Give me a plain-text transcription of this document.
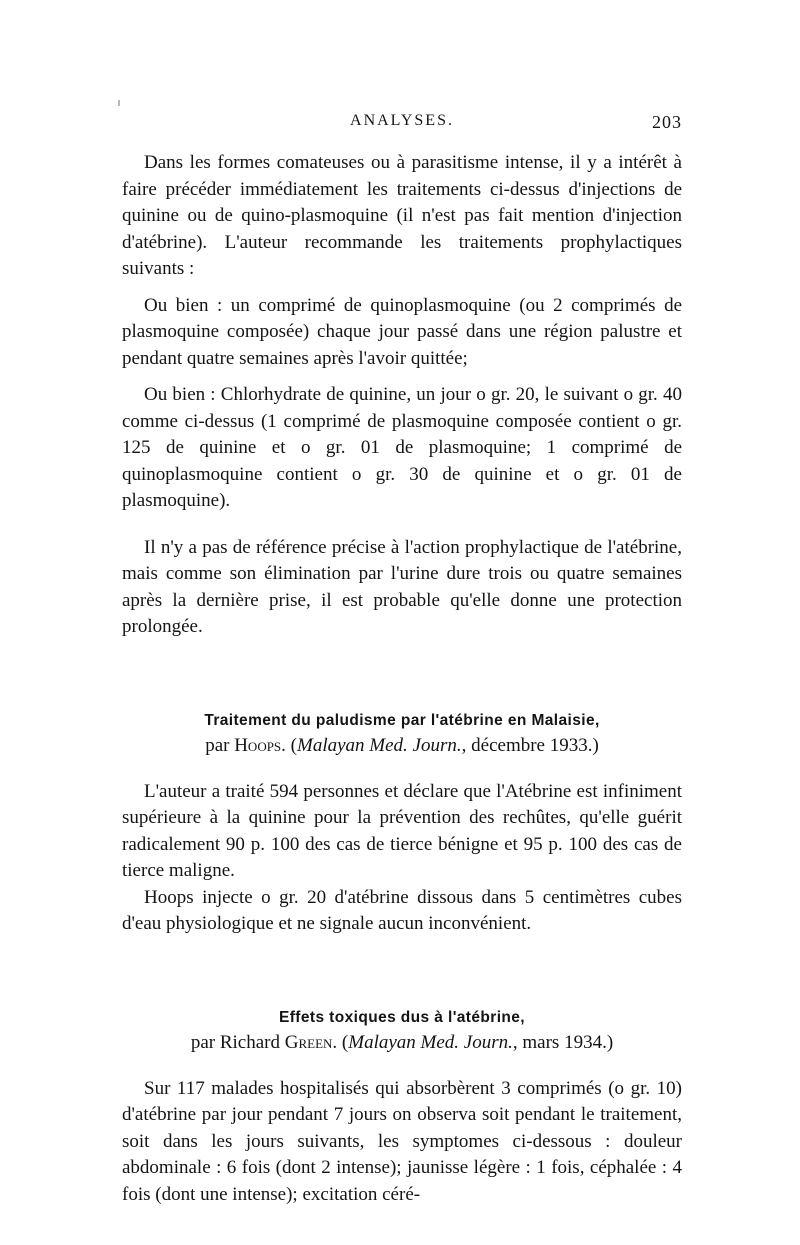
ANALYSES.	203

Dans les formes comateuses ou à parasitisme intense, il y a intérêt à faire précéder immédiatement les traitements ci-dessus d'injections de quinine ou de quino-plasmoquine (il n'est pas fait mention d'injection d'atébrine). L'auteur recommande les traitements prophylactiques suivants :

Ou bien : un comprimé de quinoplasmoquine (ou 2 comprimés de plasmoquine composée) chaque jour passé dans une région palustre et pendant quatre semaines après l'avoir quittée;

Ou bien : Chlorhydrate de quinine, un jour o gr. 20, le suivant o gr. 40 comme ci-dessus (1 comprimé de plasmoquine composée contient o gr. 125 de quinine et o gr. 01 de plasmoquine; 1 comprimé de quinoplasmoquine contient o gr. 30 de quinine et o gr. 01 de plasmoquine).

Il n'y a pas de référence précise à l'action prophylactique de l'atébrine, mais comme son élimination par l'urine dure trois ou quatre semaines après la dernière prise, il est probable qu'elle donne une protection prolongée.

Traitement du paludisme par l'atébrine en Malaisie,
par Hoops. (Malayan Med. Journ., décembre 1933.)

L'auteur a traité 594 personnes et déclare que l'Atébrine est infiniment supérieure à la quinine pour la prévention des rechûtes, qu'elle guérit radicalement 90 p. 100 des cas de tierce bénigne et 95 p. 100 des cas de tierce maligne.

Hoops injecte o gr. 20 d'atébrine dissous dans 5 centimètres cubes d'eau physiologique et ne signale aucun inconvénient.

Effets toxiques dus à l'atébrine,
par Richard Green. (Malayan Med. Journ., mars 1934.)

Sur 117 malades hospitalisés qui absorbèrent 3 comprimés (o gr. 10) d'atébrine par jour pendant 7 jours on observa soit pendant le traitement, soit dans les jours suivants, les symptomes ci-dessous : douleur abdominale : 6 fois (dont 2 intense); jaunisse légère : 1 fois, céphalée : 4 fois (dont une intense); excitation céré-
